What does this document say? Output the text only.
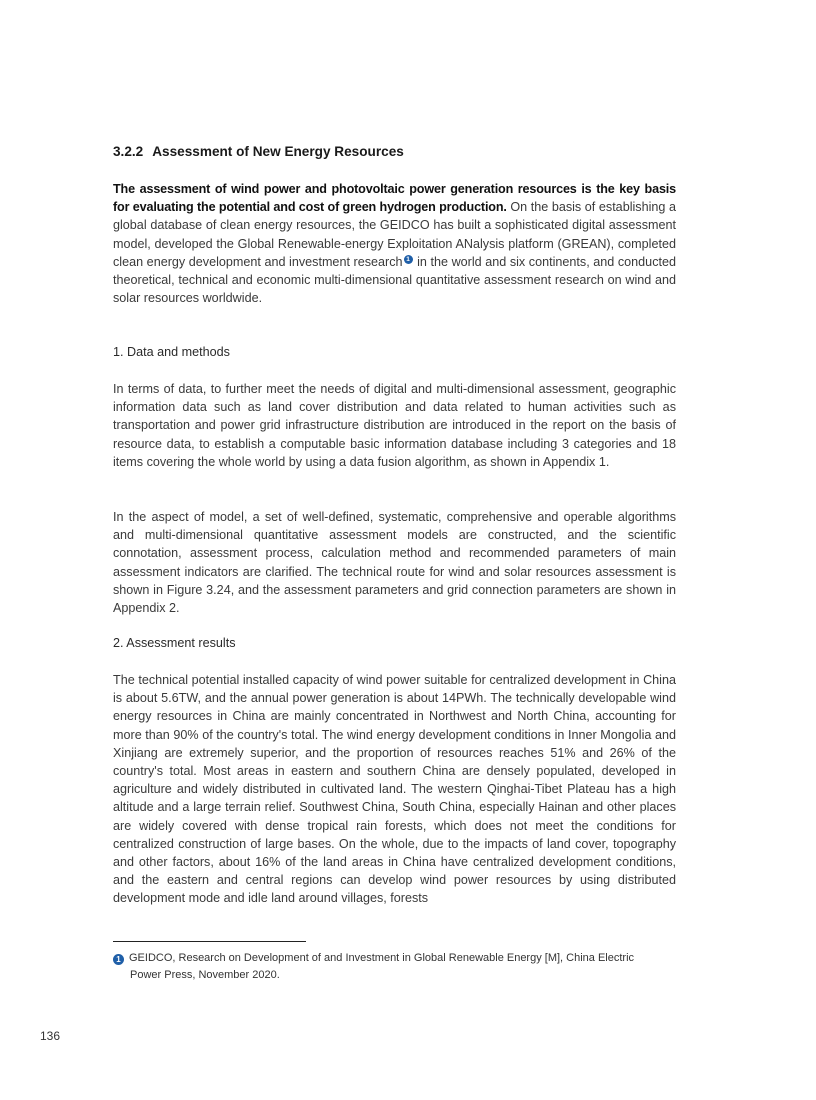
3.2.2 Assessment of New Energy Resources

The assessment of wind power and photovoltaic power generation resources is the key basis for evaluating the potential and cost of green hydrogen production. On the basis of establishing a global database of clean energy resources, the GEIDCO has built a sophisticated digital assessment model, developed the Global Renewable-energy Exploitation ANalysis platform (GREAN), completed clean energy development and investment research 1 in the world and six continents, and conducted theoretical, technical and economic multi-dimensional quantitative assessment research on wind and solar resources worldwide.

1. Data and methods

In terms of data, to further meet the needs of digital and multi-dimensional assessment, geographic information data such as land cover distribution and data related to human activities such as transportation and power grid infrastructure distribution are introduced in the report on the basis of resource data, to establish a computable basic information database including 3 categories and 18 items covering the whole world by using a data fusion algorithm, as shown in Appendix 1.

In the aspect of model, a set of well-defined, systematic, comprehensive and operable algorithms and multi-dimensional quantitative assessment models are constructed, and the scientific connotation, assessment process, calculation method and recommended parameters of main assessment indicators are clarified. The technical route for wind and solar resources assessment is shown in Figure 3.24, and the assessment parameters and grid connection parameters are shown in Appendix 2.

2. Assessment results

The technical potential installed capacity of wind power suitable for centralized development in China is about 5.6TW, and the annual power generation is about 14PWh. The technically developable wind energy resources in China are mainly concentrated in Northwest and North China, accounting for more than 90% of the country's total. The wind energy development conditions in Inner Mongolia and Xinjiang are extremely superior, and the proportion of resources reaches 51% and 26% of the country's total. Most areas in eastern and southern China are densely populated, developed in agriculture and widely distributed in cultivated land. The western Qinghai-Tibet Plateau has a high altitude and a large terrain relief. Southwest China, South China, especially Hainan and other places are widely covered with dense tropical rain forests, which does not meet the conditions for centralized construction of large bases. On the whole, due to the impacts of land cover, topography and other factors, about 16% of the land areas in China have centralized development conditions, and the eastern and central regions can develop wind power resources by using distributed development mode and idle land around villages, forests

1 GEIDCO, Research on Development of and Investment in Global Renewable Energy [M], China Electric
Power Press, November 2020.
136
